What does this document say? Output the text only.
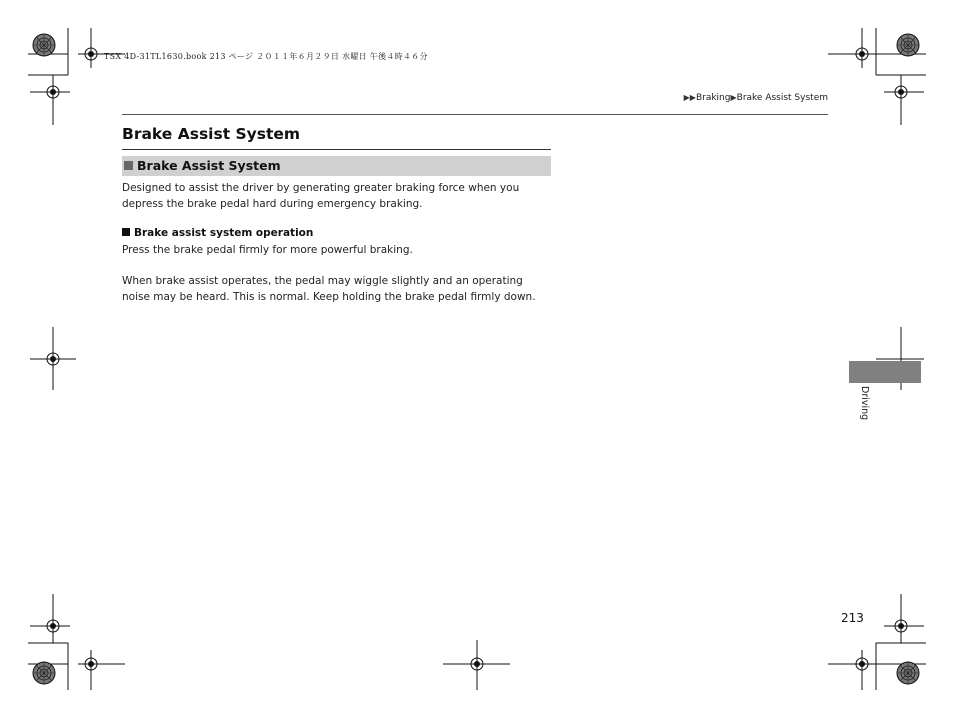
TSX 4D-31TL1630.book 213 ページ ２０１１年６月２９日 水曜日 午後４時４６分
▶▶Braking▶Brake Assist System
Brake Assist System
Brake Assist System
Designed to assist the driver by generating greater braking force when you depress the brake pedal hard during emergency braking.
Brake assist system operation
Press the brake pedal firmly for more powerful braking.
When brake assist operates, the pedal may wiggle slightly and an operating noise may be heard. This is normal. Keep holding the brake pedal firmly down.
Driving
213
